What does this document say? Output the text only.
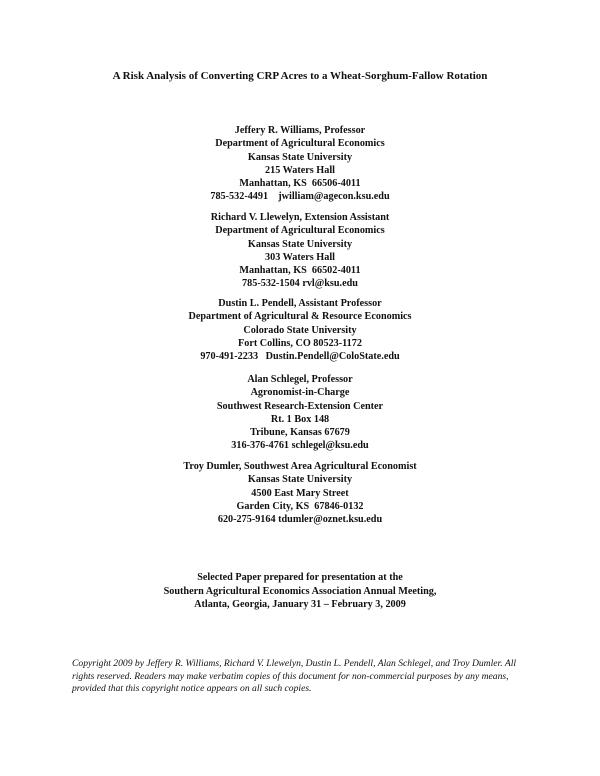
A Risk Analysis of Converting CRP Acres to a Wheat-Sorghum-Fallow Rotation
Jeffery R. Williams, Professor
Department of Agricultural Economics
Kansas State University
215 Waters Hall
Manhattan, KS  66506-4011
785-532-4491    jwilliam@agecon.ksu.edu
Richard V. Llewelyn, Extension Assistant
Department of Agricultural Economics
Kansas State University
303 Waters Hall
Manhattan, KS  66502-4011
785-532-1504 rvl@ksu.edu
Dustin L. Pendell, Assistant Professor
Department of Agricultural & Resource Economics
Colorado State University
Fort Collins, CO 80523-1172
970-491-2233   Dustin.Pendell@ColoState.edu
Alan Schlegel, Professor
Agronomist-in-Charge
Southwest Research-Extension Center
Rt. 1 Box 148
Tribune, Kansas 67679
316-376-4761 schlegel@ksu.edu
Troy Dumler, Southwest Area Agricultural Economist
Kansas State University
4500 East Mary Street
Garden City, KS  67846-0132
620-275-9164 tdumler@oznet.ksu.edu
Selected Paper prepared for presentation at the
Southern Agricultural Economics Association Annual Meeting,
Atlanta, Georgia, January 31 – February 3, 2009
Copyright 2009 by Jeffery R. Williams, Richard V. Llewelyn, Dustin L. Pendell, Alan Schlegel, and Troy Dumler. All rights reserved. Readers may make verbatim copies of this document for non-commercial purposes by any means, provided that this copyright notice appears on all such copies.
